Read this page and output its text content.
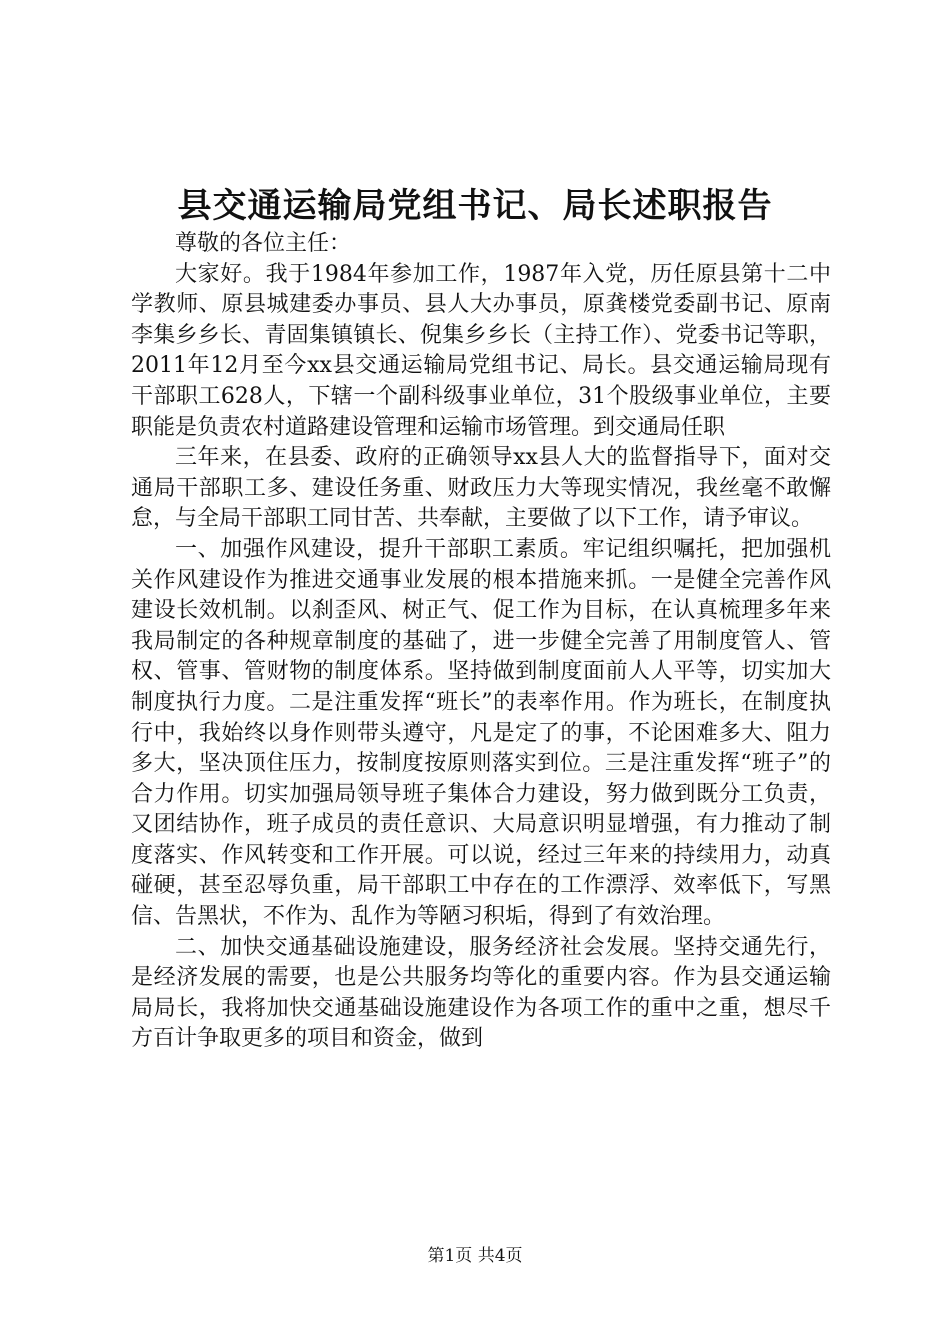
县交通运输局党组书记、局长述职报告

尊敬的各位主任：

大家好。我于1984年参加工作，1987年入党，历任原县第十二中学教师、原县城建委办事员、县人大办事员，原龚楼党委副书记、原南李集乡乡长、青固集镇镇长、倪集乡乡长（主持工作）、党委书记等职，2011年12月至今xx县交通运输局党组书记、局长。县交通运输局现有干部职工628人，下辖一个副科级事业单位，31个股级事业单位，主要职能是负责农村道路建设管理和运输市场管理。到交通局任职

三年来，在县委、政府的正确领导xx县人大的监督指导下，面对交通局干部职工多、建设任务重、财政压力大等现实情况，我丝毫不敢懈怠，与全局干部职工同甘苦、共奉献，主要做了以下工作，请予审议。

一、加强作风建设，提升干部职工素质。牢记组织嘱托，把加强机关作风建设作为推进交通事业发展的根本措施来抓。一是健全完善作风建设长效机制。以刹歪风、树正气、促工作为目标，在认真梳理多年来我局制定的各种规章制度的基础了，进一步健全完善了用制度管人、管权、管事、管财物的制度体系。坚持做到制度面前人人平等，切实加大制度执行力度。二是注重发挥“班长”的表率作用。作为班长，在制度执行中，我始终以身作则带头遵守，凡是定了的事，不论困难多大、阻力多大，坚决顶住压力，按制度按原则落实到位。三是注重发挥“班子”的合力作用。切实加强局领导班子集体合力建设，努力做到既分工负责，又团结协作，班子成员的责任意识、大局意识明显增强，有力推动了制度落实、作风转变和工作开展。可以说，经过三年来的持续用力，动真碰硬，甚至忍辱负重，局干部职工中存在的工作漂浮、效率低下，写黑信、告黑状，不作为、乱作为等陋习积垢，得到了有效治理。

二、加快交通基础设施建设，服务经济社会发展。坚持交通先行，是经济发展的需要，也是公共服务均等化的重要内容。作为县交通运输局局长，我将加快交通基础设施建设作为各项工作的重中之重，想尽千方百计争取更多的项目和资金，做到

第1页 共4页
